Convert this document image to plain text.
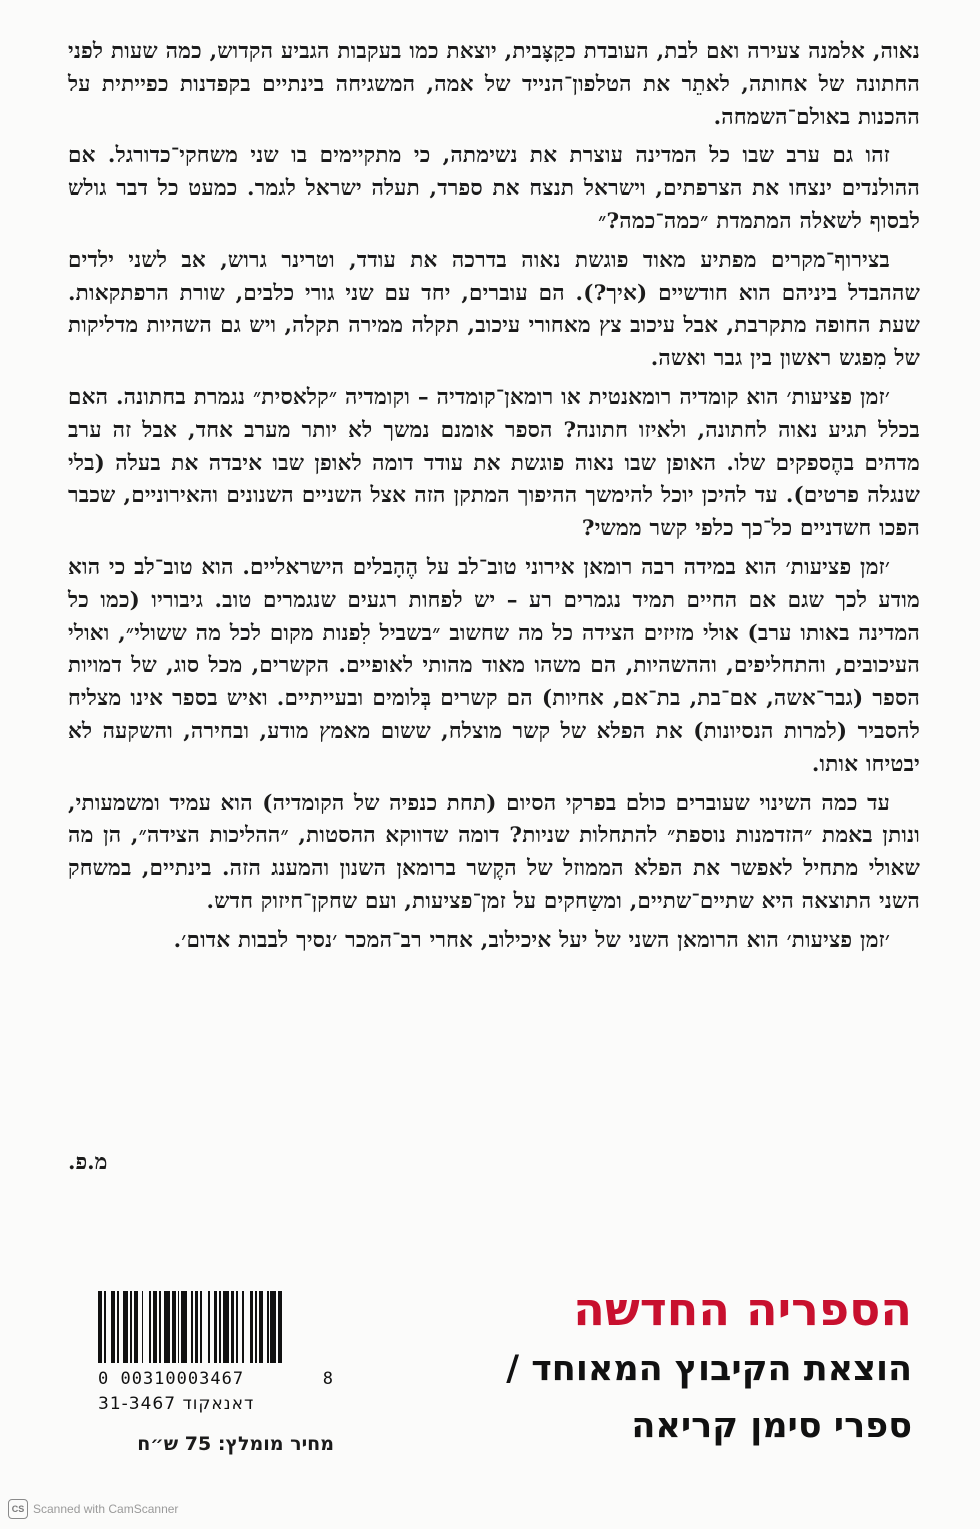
נאוה, אלמנה צעירה ואם לבת, העובדת כקַצָּבית, יוצאת כמו בעקבות הגביע הקדוש, כמה שעות לפני החתונה של אחותה, לאתֵר את הטלפון־הנייד של אמה, המשגיחה בינתיים בקפדנות כפייתית על ההכנות באולם־השמחה.

זהו גם ערב שבו כל המדינה עוצרת את נשימתה, כי מתקיימים בו שני משחקי־כדורגל. אם ההולנדים ינצחו את הצרפתים, וישראל תנצח את ספרד, תעלה ישראל לגמר. כמעט כל דבר גולש לבסוף לשאלה המתמדת ״כמה־כמה?״

בצירוף־מקרים מפתיע מאוד פוגשת נאוה בדרכה את עודד, וטרינר גרוש, אב לשני ילדים שההבדל ביניהם הוא חודשיים (איך?). הם עוברים, יחד עם שני גורי כלבים, שורת הרפתקאות. שעת החופה מתקרבת, אבל עיכוב צץ מאחורי עיכוב, תקלה ממירה תקלה, ויש גם השהיות מדליקות של מִפגש ראשון בין גבר ואשה.

׳זמן פציעות׳ הוא קומדיה רומאנטית או רומאן־קומדיה – וקומדיה ״קלאסית״ נגמרת בחתונה. האם בכלל תגיע נאוה לחתונה, ולאיזו חתונה? הספר אומנם נמשך לא יותר מערב אחד, אבל זה ערב מדהים בהֶספקים שלו. האופן שבו נאוה פוגשת את עודד דומה לאופן שבו איבדה את בעלה (בלי שנגלה פרטים). עד להיכן יוכל להימשך ההיפוך המתקן הזה אצל השניים השנונים והאירוניים, שכבר הפכו חשדניים כל־כך כלפי קשר ממשי?

׳זמן פציעות׳ הוא במידה רבה רומאן אירוני טוב־לב על הֶהָבלים הישראליים. הוא טוב־לב כי הוא מודע לכך שגם אם החיים תמיד נגמרים רע – יש לפחות רגעים שנגמרים טוב. גיבוריו (כמו כל המדינה באותו ערב) אולי מזיזים הצידה כל מה שחשוב ״בשביל לִפנות מקום לכל מה ששולי״, ואולי העיכובים, והתחליפים, וההשהיות, הם משהו מאוד מהותי לאופיים. הקשרים, מכל סוג, של דמויות הספר (גבר־אשה, אם־בת, בת־אם, אחיות) הם קשרים בְּלומים ובעייתיים. ואיש בספר אינו מצליח להסביר (למרות הנסיונות) את הפלא של קשר מוצלח, ששום מאמץ מודע, ובחירה, והשקעה לא יבטיחו אותו.

עד כמה השינוי שעוברים כולם בפרקי הסיום (תחת כנפיה של הקומדיה) הוא עמיד ומשמעותי, ונותן באמת ״הזדמנות נוספת״ להתחלות שניות? דומה שדווקא ההסטות, ״ההליכות הצידה״, הן מה שאולי מתחיל לאפשר את הפלא הממוזל של הקֶשר ברומאן השנון והמענג הזה. בינתיים, במשחק השני התוצאה היא שתיים־שתיים, ומשַחקים על זמן־פציעות, ועם שחקן־חיזוק חדש.

׳זמן פציעות׳ הוא הרומאן השני של יעל איכילוב, אחרי רב־המכר ׳נסיך לבבות אדום׳.

מ.פ.

הספריה החדשה

הוצאת הקיבוץ המאוחד /

ספרי סימן קריאה

0 00310003467	8
31-3467 דאנאקוד
מחיר מומלץ: 75 ש״ח
CS Scanned with CamScanner
